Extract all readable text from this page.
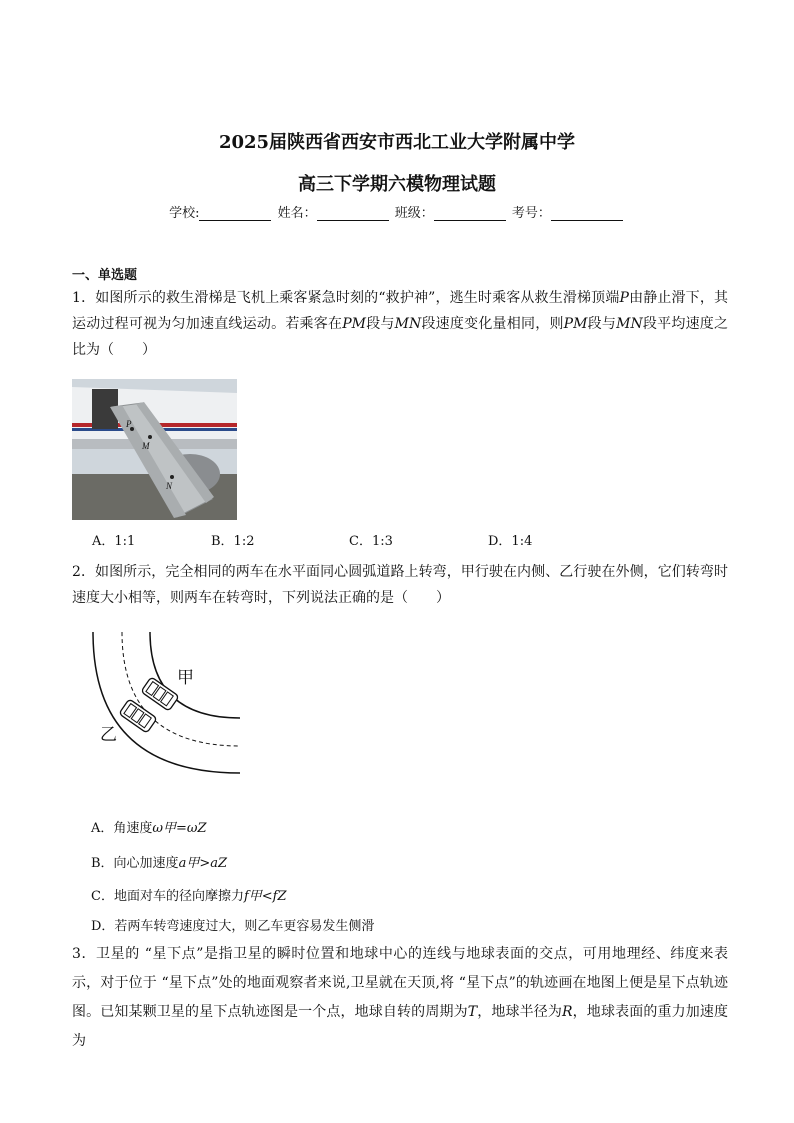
2025届陕西省西安市西北工业大学附属中学
高三下学期六模物理试题
学校:	姓名：	班级：	考号：
一、单选题
1．如图所示的救生滑梯是飞机上乘客紧急时刻的“救护神”，逃生时乘客从救生滑梯顶端P由静止滑下，其运动过程可视为匀加速直线运动。若乘客在PM段与MN段速度变化量相同，则PM段与MN段平均速度之比为（　　）
P
M
N
A．1:1	B．1:2	C．1:3	D．1:4
2．如图所示，完全相同的两车在水平面同心圆弧道路上转弯，甲行驶在内侧、乙行驶在外侧，它们转弯时速度大小相等，则两车在转弯时，下列说法正确的是（　　）
甲
乙
A．角速度ω甲=ωZ
B．向心加速度a甲>aZ
C．地面对车的径向摩擦力f甲<fZ
D．若两车转弯速度过大，则乙车更容易发生侧滑
3．卫星的 “星下点”是指卫星的瞬时位置和地球中心的连线与地球表面的交点，可用地理经、纬度来表示，对于位于 “星下点”处的地面观察者来说,卫星就在天顶,将 “星下点”的轨迹画在地图上便是星下点轨迹图。已知某颗卫星的星下点轨迹图是一个点，地球自转的周期为T，地球半径为R，地球表面的重力加速度为
